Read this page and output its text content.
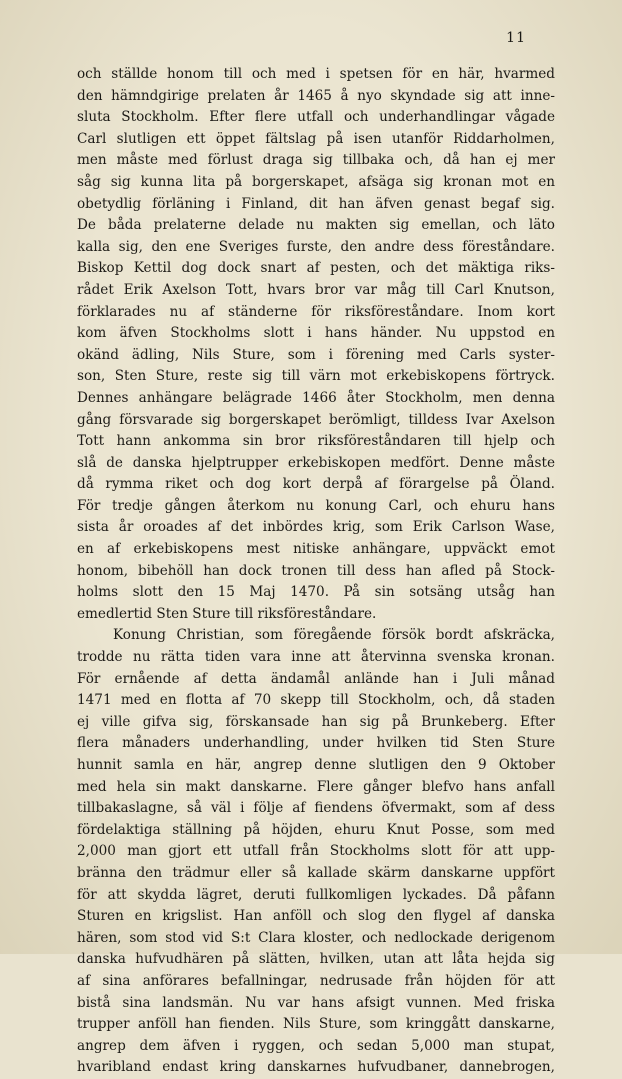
11
och ställde honom till och med i spetsen för en här, hvarmed
den hämndgirige prelaten år 1465 å nyo skyndade sig att inne-
sluta Stockholm. Efter flere utfall och underhandlingar vågade
Carl slutligen ett öppet fältslag på isen utanför Riddarholmen,
men måste med förlust draga sig tillbaka och, då han ej mer
såg sig kunna lita på borgerskapet, afsäga sig kronan mot en
obetydlig förläning i Finland, dit han äfven genast begaf sig.
De båda prelaterne delade nu makten sig emellan, och läto
kalla sig, den ene Sveriges furste, den andre dess föreståndare.
Biskop Kettil dog dock snart af pesten, och det mäktiga riks-
rådet Erik Axelson Tott, hvars bror var måg till Carl Knutson,
förklarades nu af ständerne för riksföreståndare. Inom kort
kom äfven Stockholms slott i hans händer. Nu uppstod en
okänd ädling, Nils Sture, som i förening med Carls syster-
son, Sten Sture, reste sig till värn mot erkebiskopens förtryck.
Dennes anhängare belägrade 1466 åter Stockholm, men denna
gång försvarade sig borgerskapet berömligt, tilldess Ivar Axelson
Tott hann ankomma sin bror riksföreståndaren till hjelp och
slå de danska hjelptrupper erkebiskopen medfört. Denne måste
då rymma riket och dog kort derpå af förargelse på Öland.
För tredje gången återkom nu konung Carl, och ehuru hans
sista år oroades af det inbördes krig, som Erik Carlson Wase,
en af erkebiskopens mest nitiske anhängare, uppväckt emot
honom, bibehöll han dock tronen till dess han afled på Stock-
holms slott den 15 Maj 1470. På sin sotsäng utsåg han
emedlertid Sten Sture till riksföreståndare.
Konung Christian, som föregående försök bordt afskräcka,
trodde nu rätta tiden vara inne att återvinna svenska kronan.
För ernående af detta ändamål anlände han i Juli månad
1471 med en flotta af 70 skepp till Stockholm, och, då staden
ej ville gifva sig, förskansade han sig på Brunkeberg. Efter
flera månaders underhandling, under hvilken tid Sten Sture
hunnit samla en här, angrep denne slutligen den 9 Oktober
med hela sin makt danskarne. Flere gånger blefvo hans anfall
tillbakaslagne, så väl i följe af fiendens öfvermakt, som af dess
fördelaktiga ställning på höjden, ehuru Knut Posse, som med
2,000 man gjort ett utfall från Stockholms slott för att upp-
bränna den trädmur eller så kallade skärm danskarne uppfört
för att skydda lägret, deruti fullkomligen lyckades. Då påfann
Sturen en krigslist. Han anföll och slog den flygel af danska
hären, som stod vid S:t Clara kloster, och nedlockade derigenom
danska hufvudhären på slätten, hvilken, utan att låta hejda sig
af sina anförares befallningar, nedrusade från höjden för att
bistå sina landsmän. Nu var hans afsigt vunnen. Med friska
trupper anföll han fienden. Nils Sture, som kringgått danskarne,
angrep dem äfven i ryggen, och sedan 5,000 man stupat,
hvaribland endast kring danskarnes hufvudbaner, dannebrogen,
